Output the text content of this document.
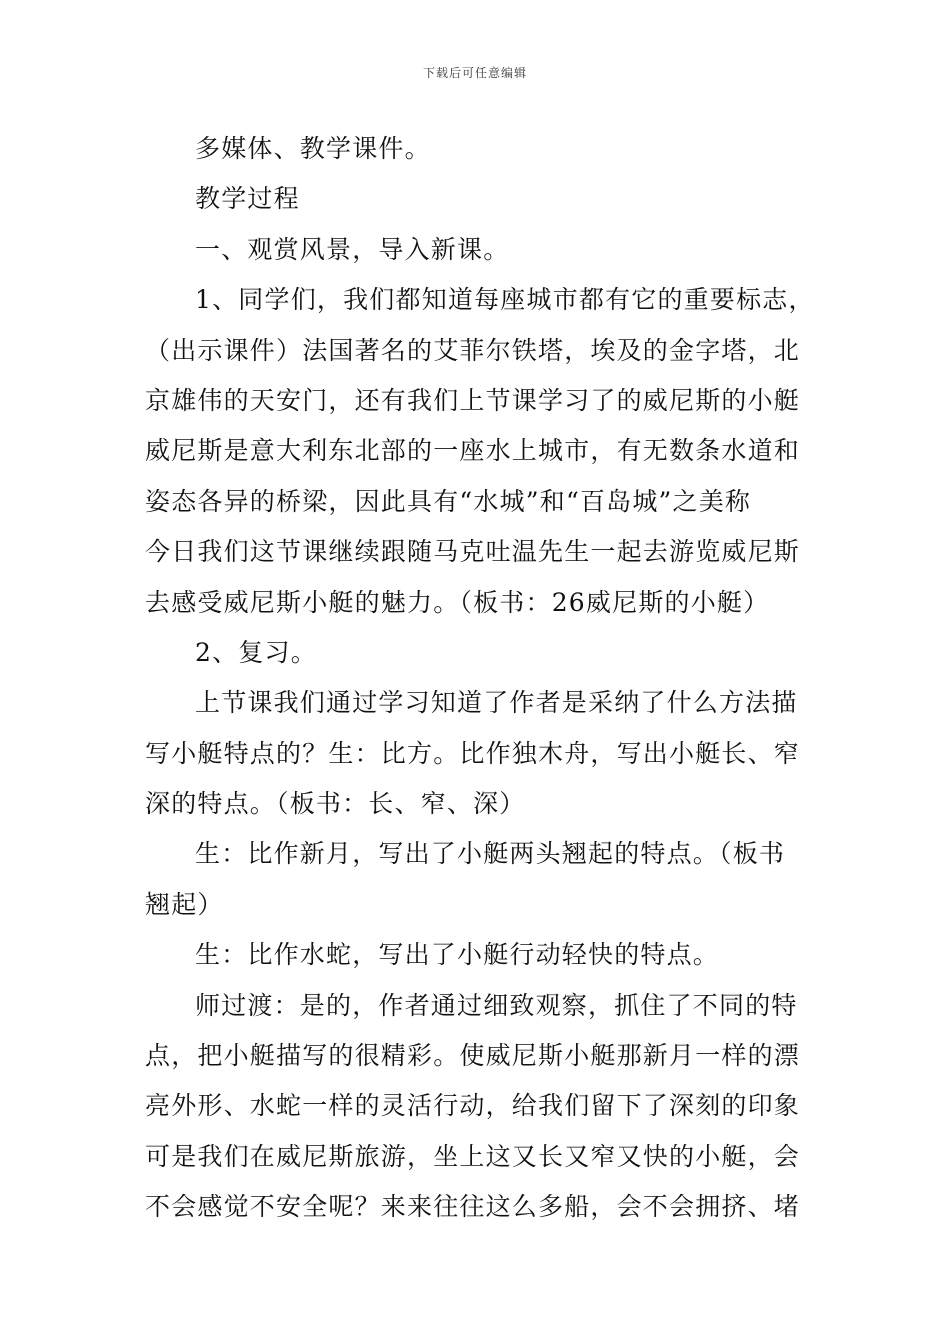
下载后可任意编辑
多媒体、教学课件。
教学过程
一、观赏风景，导入新课。
1、同学们，我们都知道每座城市都有它的重要标志，
（出示课件）法国著名的艾菲尔铁塔，埃及的金字塔，北
京雄伟的天安门，还有我们上节课学习了的威尼斯的小艇
威尼斯是意大利东北部的一座水上城市，有无数条水道和
姿态各异的桥梁，因此具有“水城”和“百岛城”之美称
今日我们这节课继续跟随马克吐温先生一起去游览威尼斯
去感受威尼斯小艇的魅力。（板书：26威尼斯的小艇）
2、复习。
上节课我们通过学习知道了作者是采纳了什么方法描
写小艇特点的？生：比方。比作独木舟，写出小艇长、窄
深的特点。（板书：长、窄、深）
生：比作新月，写出了小艇两头翘起的特点。（板书
翘起）
生：比作水蛇，写出了小艇行动轻快的特点。
师过渡：是的，作者通过细致观察，抓住了不同的特
点，把小艇描写的很精彩。使威尼斯小艇那新月一样的漂
亮外形、水蛇一样的灵活行动，给我们留下了深刻的印象
可是我们在威尼斯旅游，坐上这又长又窄又快的小艇，会
不会感觉不安全呢？来来往往这么多船，会不会拥挤、堵
